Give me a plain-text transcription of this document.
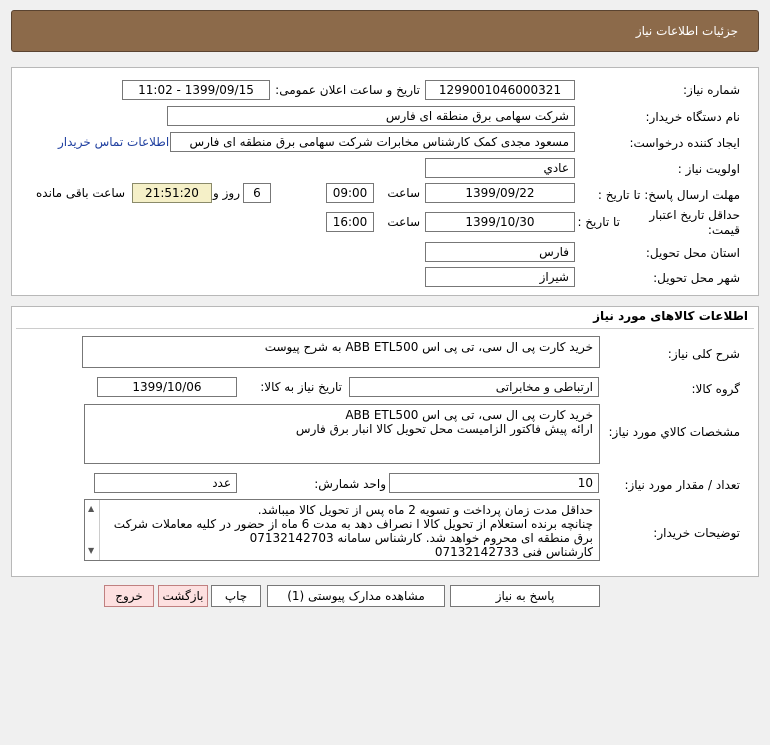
جزئیات اطلاعات نیاز
شماره نیاز:
1299001046000321
تاریخ و ساعت اعلان عمومی:
1399/09/15 - 11:02
نام دستگاه خریدار:
شرکت سهامی برق منطقه ای فارس
ایجاد کننده درخواست:
مسعود مجدی کمک کارشناس مخابرات شرکت سهامی برق منطقه ای فارس
اطلاعات تماس خریدار
اولویت نیاز :
عادي
مهلت ارسال پاسخ: تا تاریخ :
1399/09/22
ساعت
09:00
6
روز و
21:51:20
ساعت باقی مانده
حداقل تاریخ اعتبار قیمت:
تا تاریخ :
1399/10/30
ساعت
16:00
استان محل تحویل:
فارس
شهر محل تحویل:
شیراز
اطلاعات کالاهای مورد نیاز
شرح کلی نیاز:
خرید کارت پی ال سی، تی پی اس ABB ETL500 به شرح پیوست
گروه کالا:
ارتباطی و مخابراتی
تاریخ نیاز به کالا:
1399/10/06
مشخصات کالاي مورد نیاز:
خرید کارت پی ال سی، تی پی اس ABB ETL500
ارائه پیش فاکتور الزامیست محل تحویل کالا انبار برق فارس
تعداد / مقدار مورد نیاز:
10
واحد شمارش:
عدد
توضیحات خریدار:
حداقل مدت زمان پرداخت و تسویه 2 ماه پس از تحویل کالا میباشد.
چنانچه برنده استعلام از تحویل کالا ا نصراف دهد به مدت 6 ماه از حضور در کلیه معاملات شرکت برق منطقه ای محروم خواهد شد. کارشناس سامانه 07132142703
کارشناس فنی 07132142733
▲
▼
پاسخ به نیاز
مشاهده مدارک پیوستی (1)
چاپ
بازگشت
خروج
